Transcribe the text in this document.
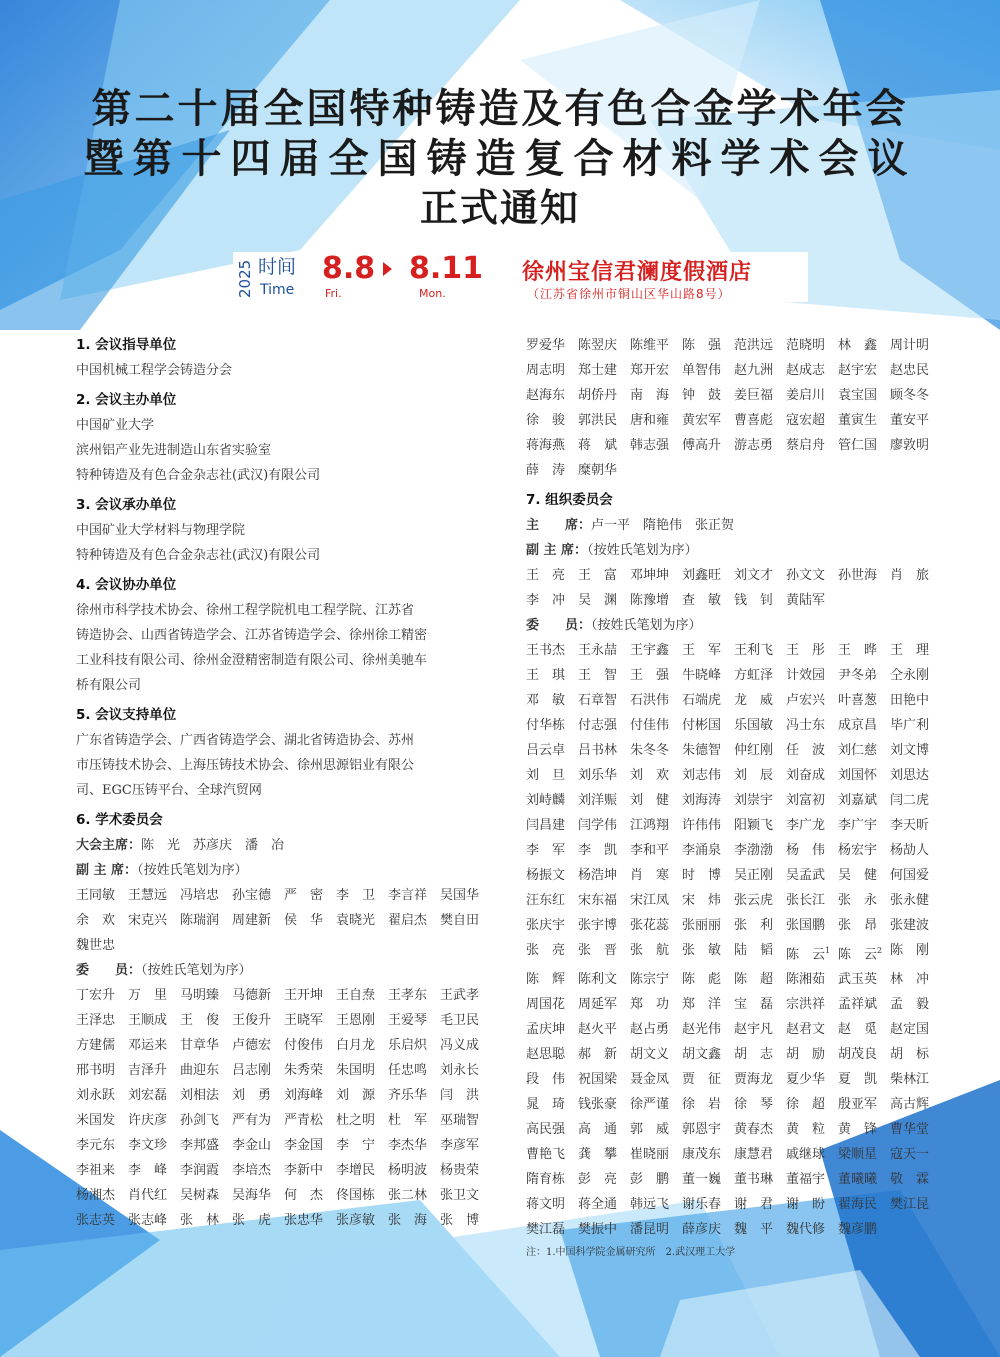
第二十届全国特种铸造及有色合金学术年会
暨第十四届全国铸造复合材料学术会议
正式通知
2025 时间
Time
8.8
Fri.
8.11
Mon.
徐州宝信君澜度假酒店
（江苏省徐州市铜山区华山路8号）
1. 会议指导单位
中国机械工程学会铸造分会
2. 会议主办单位
中国矿业大学
滨州铝产业先进制造山东省实验室
特种铸造及有色合金杂志社(武汉)有限公司
3. 会议承办单位
中国矿业大学材料与物理学院
特种铸造及有色合金杂志社(武汉)有限公司
4. 会议协办单位
徐州市科学技术协会、徐州工程学院机电工程学院、江苏省
铸造协会、山西省铸造学会、江苏省铸造学会、徐州徐工精密
工业科技有限公司、徐州金澄精密制造有限公司、徐州美驰车
桥有限公司
5. 会议支持单位
广东省铸造学会、广西省铸造学会、湖北省铸造协会、苏州
市压铸技术协会、上海压铸技术协会、徐州思源铝业有限公
司、EGC压铸平台、全球汽贸网
6. 学术委员会
大会主席：陈　光　苏彦庆　潘　冶
副 主 席：（按姓氏笔划为序）
王同敏 王慧远 冯培忠 孙宝德 严　密 李　卫 李言祥 吴国华
余　欢 宋克兴 陈瑞润 周建新 侯　华 袁晓光 翟启杰 樊自田
魏世忠
委　　员：（按姓氏笔划为序）
丁宏升 万　里 马明臻 马德新 王开坤 王自焘 王孝东 王武孝
王泽忠 王顺成 王　俊 王俊升 王晓军 王恩刚 王爱琴 毛卫民
方建儒 邓运来 甘章华 卢德宏 付俊伟 白月龙 乐启炽 冯义成
邢书明 吉泽升 曲迎东 吕志刚 朱秀荣 朱国明 任忠鸣 刘永长
刘永跃 刘宏磊 刘相法 刘　勇 刘海峰 刘　源 齐乐华 闫　洪
米国发 许庆彦 孙剑飞 严有为 严青松 杜之明 杜　军 巫瑞智
李元东 李文珍 李邦盛 李金山 李金国 李　宁 李杰华 李彦军
李祖来 李　峰 李润霞 李培杰 李新中 李增民 杨明波 杨贵荣
杨湘杰 肖代红 吴树森 吴海华 何　杰 佟国栋 张二林 张卫文
张志英 张志峰 张　林 张　虎 张忠华 张彦敏 张　海 张　博
罗爱华 陈翌庆 陈维平 陈　强 范洪远 范晓明 林　鑫 周计明
周志明 郑士建 郑开宏 单智伟 赵九洲 赵成志 赵宇宏 赵忠民
赵海东 胡侨丹 南　海 钟　鼓 姜巨福 姜启川 袁宝国 顾冬冬
徐　骏 郭洪民 唐和雍 黄宏军 曹喜彪 寇宏超 董寅生 董安平
蒋海燕 蒋　斌 韩志强 傅高升 游志勇 蔡启舟 管仁国 廖敦明
薛　涛 糜朝华
7. 组织委员会
主　　席：卢一平　隋艳伟　张正贺
副 主 席：（按姓氏笔划为序）
王　亮 王　富 邓坤坤 刘鑫旺 刘文才 孙文文 孙世海 肖　旅
李　冲 吴　渊 陈豫增 查　敏 钱　钊 黄陆军
委　　员：（按姓氏笔划为序）
王书杰 王永喆 王宇鑫 王　军 王利飞 王　彤 王　晔 王　理
王　琪 王　智 王　强 牛晓峰 方虹泽 计效园 尹冬弟 仝永刚
邓　敏 石章智 石洪伟 石端虎 龙　威 卢宏兴 叶喜葱 田艳中
付华栋 付志强 付佳伟 付彬国 乐国敏 冯士东 成京昌 毕广利
吕云卓 吕书林 朱冬冬 朱德智 仲红刚 任　波 刘仁慈 刘文博
刘　旦 刘乐华 刘　欢 刘志伟 刘　辰 刘奋成 刘国怀 刘思达
刘峙麟 刘洋赈 刘　健 刘海涛 刘崇宇 刘富初 刘嘉斌 闫二虎
闫昌建 闫学伟 江鸿翔 许伟伟 阳颖飞 李广龙 李广宇 李天昕
李　军 李　凯 李和平 李涌泉 李渤渤 杨　伟 杨宏宇 杨劼人
杨振文 杨浩坤 肖　寒 时　博 吴正刚 吴孟武 吴　健 何国爱
汪东红 宋东福 宋江凤 宋　炜 张云虎 张长江 张　永 张永健
张庆宇 张宇博 张花蕊 张丽丽 张　利 张国鹏 张　昂 张建波
张　亮 张　晋 张　航 张　敏 陆　韬 陈　云$^1$ 陈　云$^2$ 陈　刚
陈　辉 陈利文 陈宗宁 陈　彪 陈　超 陈湘茹 武玉英 林　冲
周国花 周延军 郑　功 郑　洋 宝　磊 宗洪祥 孟祥斌 孟　毅
孟庆坤 赵火平 赵占勇 赵光伟 赵宇凡 赵君文 赵　觅 赵定国
赵思聪 郝　新 胡文义 胡文鑫 胡　志 胡　励 胡茂良 胡　标
段　伟 祝国梁 聂金凤 贾　征 贾海龙 夏少华 夏　凯 柴林江
晁　琦 钱张豪 徐严谨 徐　岩 徐　琴 徐　超 殷亚军 高古辉
高民强 高　通 郭　威 郭恩宇 黄春杰 黄　粒 黄　锋 曹华堂
曹艳飞 龚　攀 崔晓丽 康茂东 康慧君 戚继球 梁顺星 寇天一
隋育栋 彭　亮 彭　鹏 董一巍 董书琳 董福宇 董曦曦 敬　霖
蒋文明 蒋全通 韩远飞 谢乐春 谢　君 谢　盼 翟海民 樊江昆
樊江磊 樊振中 潘昆明 薛彦庆 魏　平 魏代修 魏彦鹏
注：1.中国科学院金属研究所　2.武汉理工大学
